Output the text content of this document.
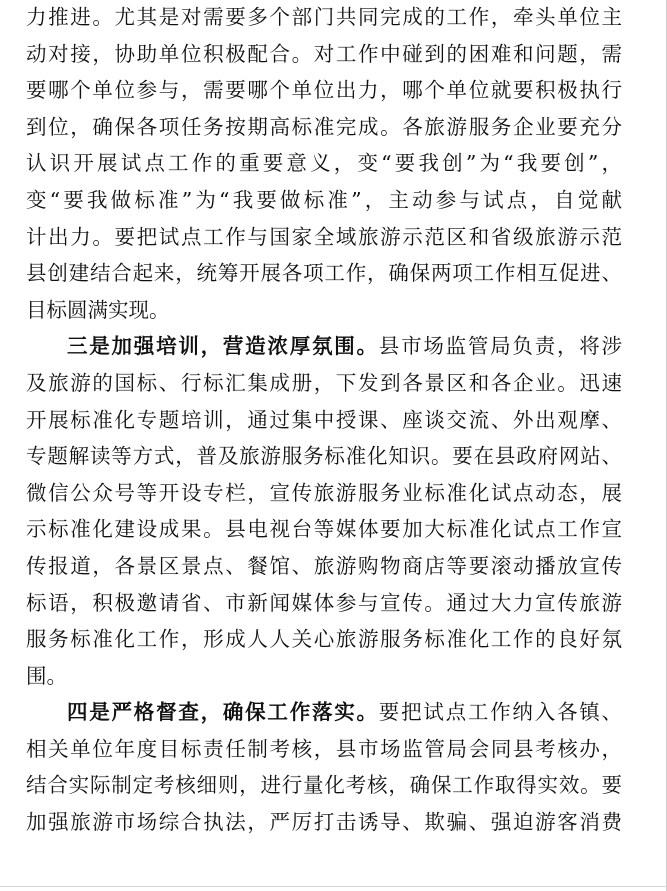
力推进。尤其是对需要多个部门共同完成的工作，牵头单位主
动对接，协助单位积极配合。对工作中碰到的困难和问题，需
要哪个单位参与，需要哪个单位出力，哪个单位就要积极执行
到位，确保各项任务按期高标准完成。各旅游服务企业要充分
认识开展试点工作的重要意义，变“要我创”为“我要创”，
变“要我做标准”为“我要做标准”，主动参与试点，自觉献
计出力。要把试点工作与国家全域旅游示范区和省级旅游示范
县创建结合起来，统筹开展各项工作，确保两项工作相互促进、
目标圆满实现。
三是加强培训，营造浓厚氛围。县市场监管局负责，将涉
及旅游的国标、行标汇集成册，下发到各景区和各企业。迅速
开展标准化专题培训，通过集中授课、座谈交流、外出观摩、
专题解读等方式，普及旅游服务标准化知识。要在县政府网站、
微信公众号等开设专栏，宣传旅游服务业标准化试点动态，展
示标准化建设成果。县电视台等媒体要加大标准化试点工作宣
传报道，各景区景点、餐馆、旅游购物商店等要滚动播放宣传
标语，积极邀请省、市新闻媒体参与宣传。通过大力宣传旅游
服务标准化工作，形成人人关心旅游服务标准化工作的良好氛
围。
四是严格督查，确保工作落实。要把试点工作纳入各镇、
相关单位年度目标责任制考核，县市场监管局会同县考核办，
结合实际制定考核细则，进行量化考核，确保工作取得实效。要
加强旅游市场综合执法，严厉打击诱导、欺骗、强迫游客消费
